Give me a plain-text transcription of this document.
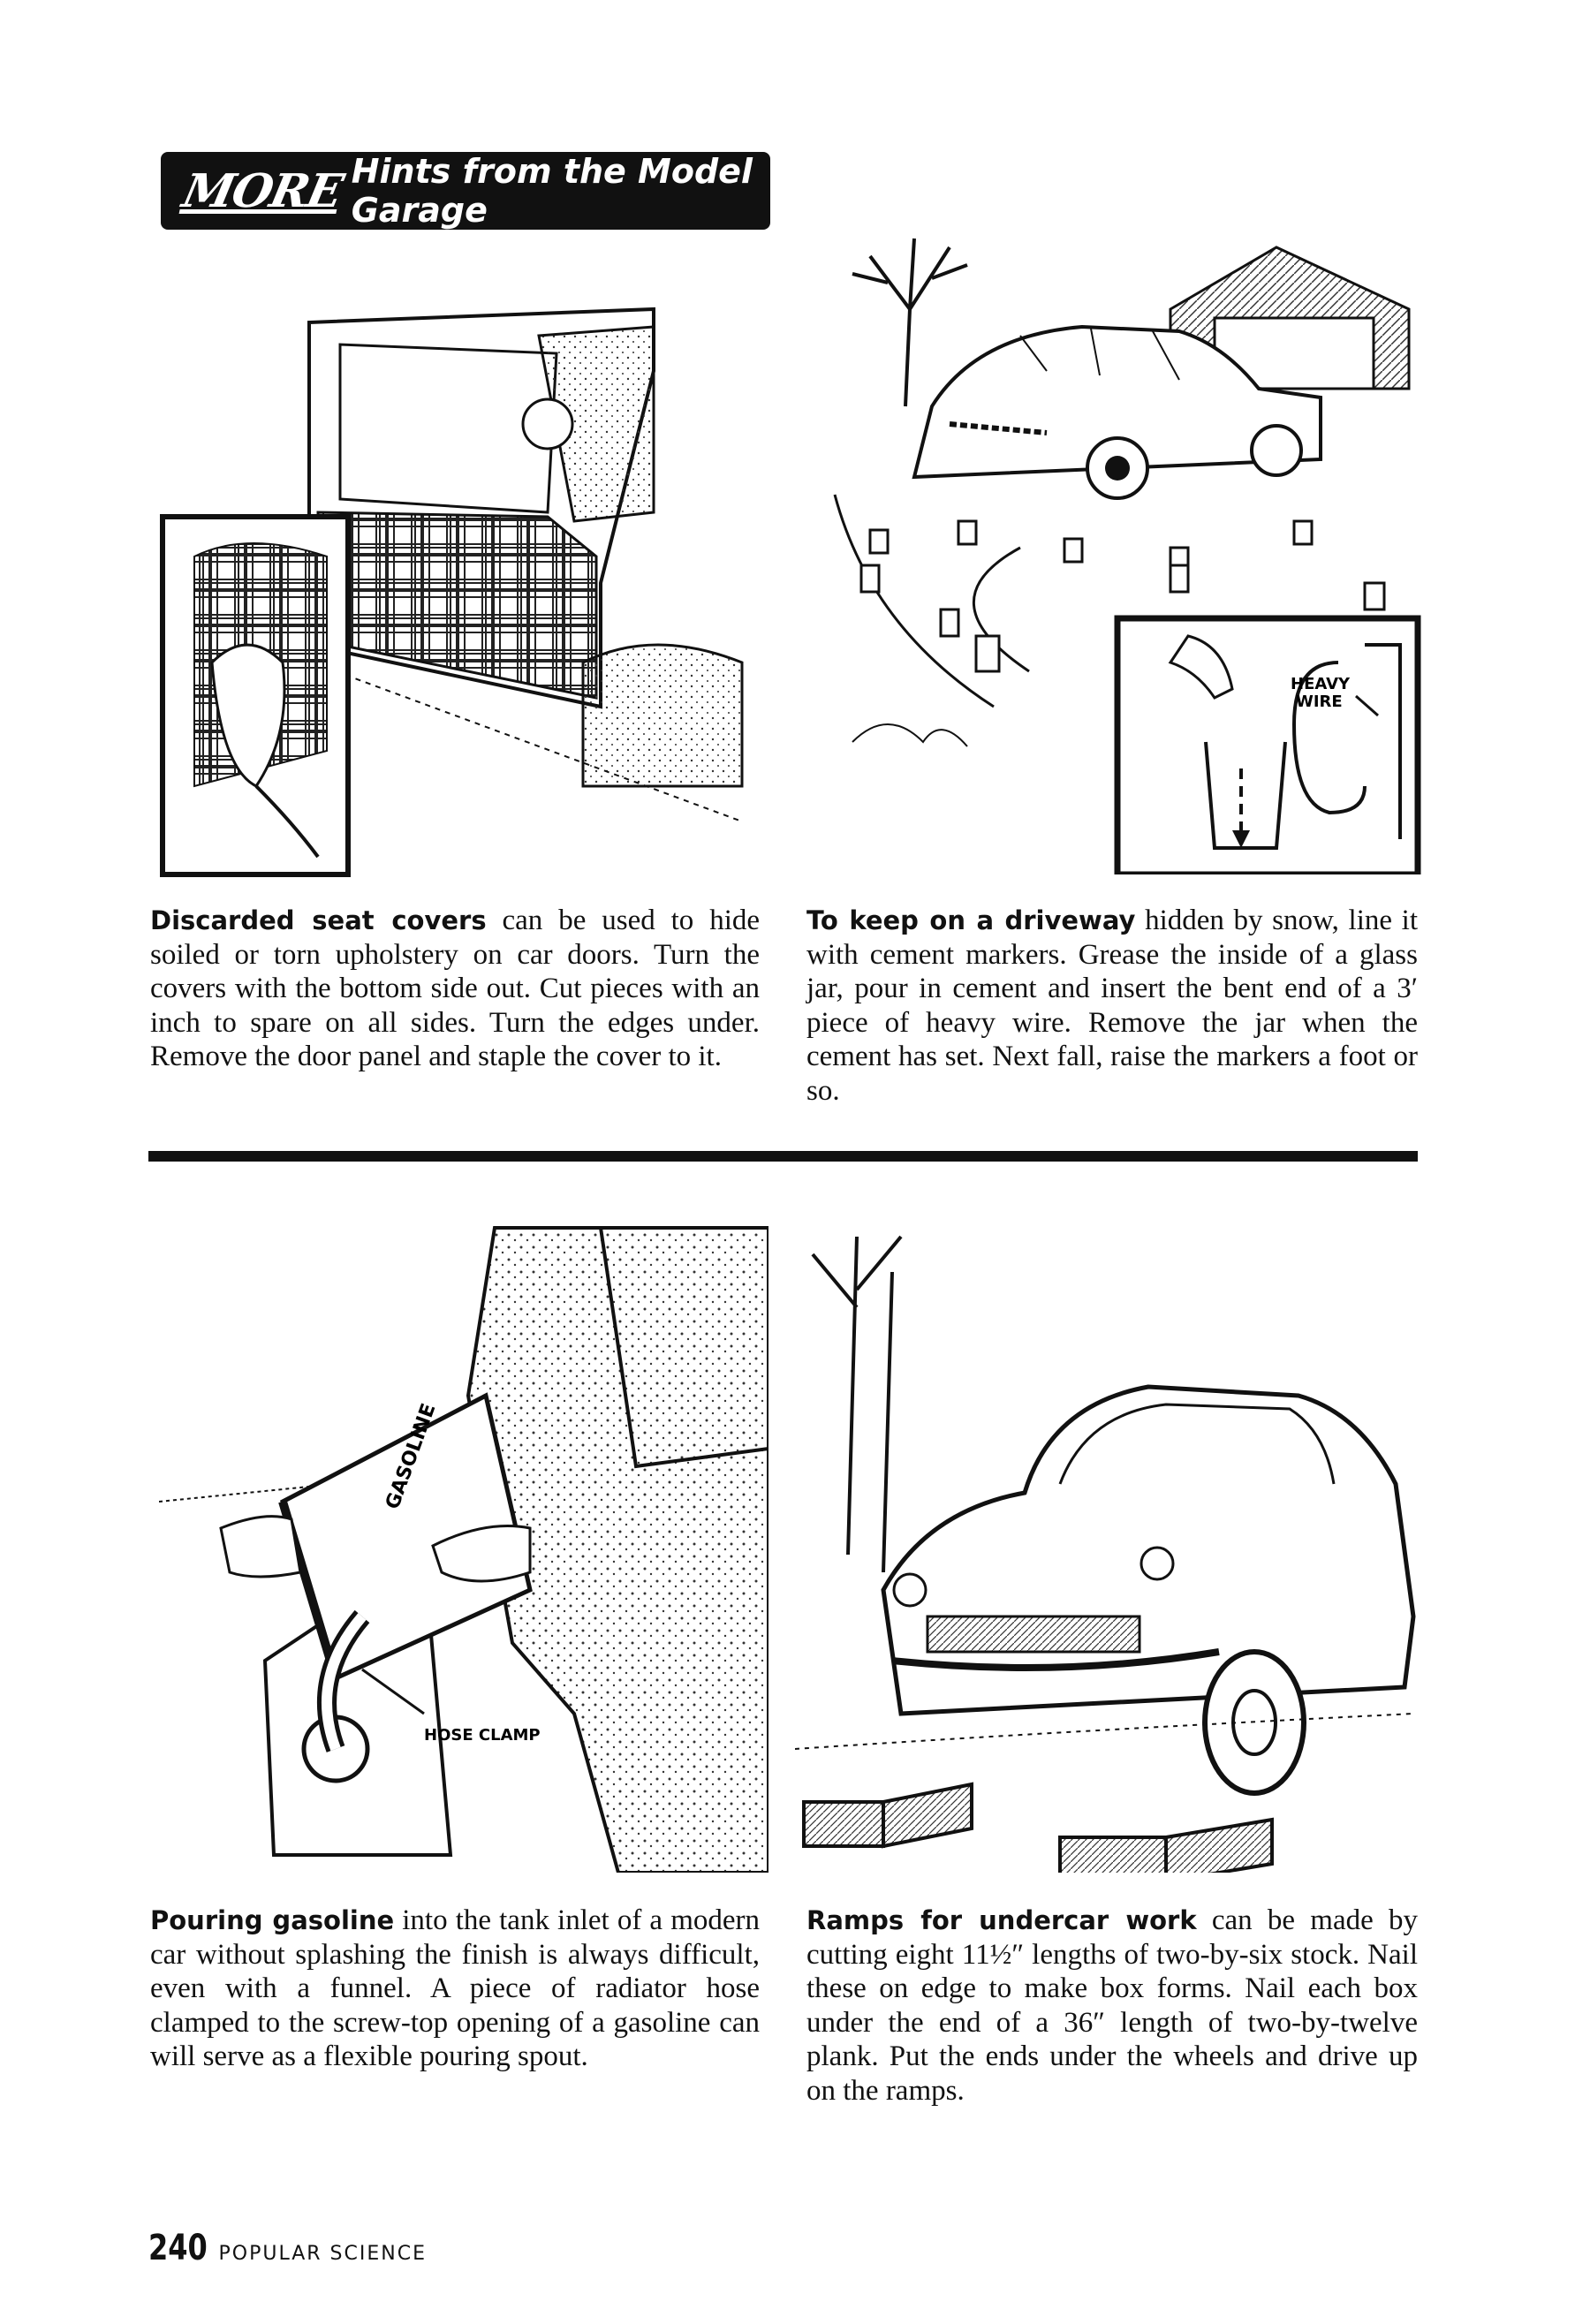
MORE Hints from the Model Garage
HEAVY
WIRE
Discarded seat covers can be used to hide soiled or torn upholstery on car doors. Turn the covers with the bottom side out. Cut pieces with an inch to spare on all sides. Turn the edges under. Remove the door panel and staple the cover to it.
To keep on a driveway hidden by snow, line it with cement markers. Grease the inside of a glass jar, pour in cement and insert the bent end of a 3′ piece of heavy wire. Remove the jar when the cement has set. Next fall, raise the markers a foot or so.
HOSE CLAMP
GASOLINE
Pouring gasoline into the tank inlet of a modern car without splashing the finish is always difficult, even with a funnel. A piece of radiator hose clamped to the screw-top opening of a gasoline can will serve as a flexible pouring spout.
Ramps for undercar work can be made by cutting eight 11½″ lengths of two-by-six stock. Nail these on edge to make box forms. Nail each box under the end of a 36″ length of two-by-twelve plank. Put the ends under the wheels and drive up on the ramps.
240 POPULAR SCIENCE
